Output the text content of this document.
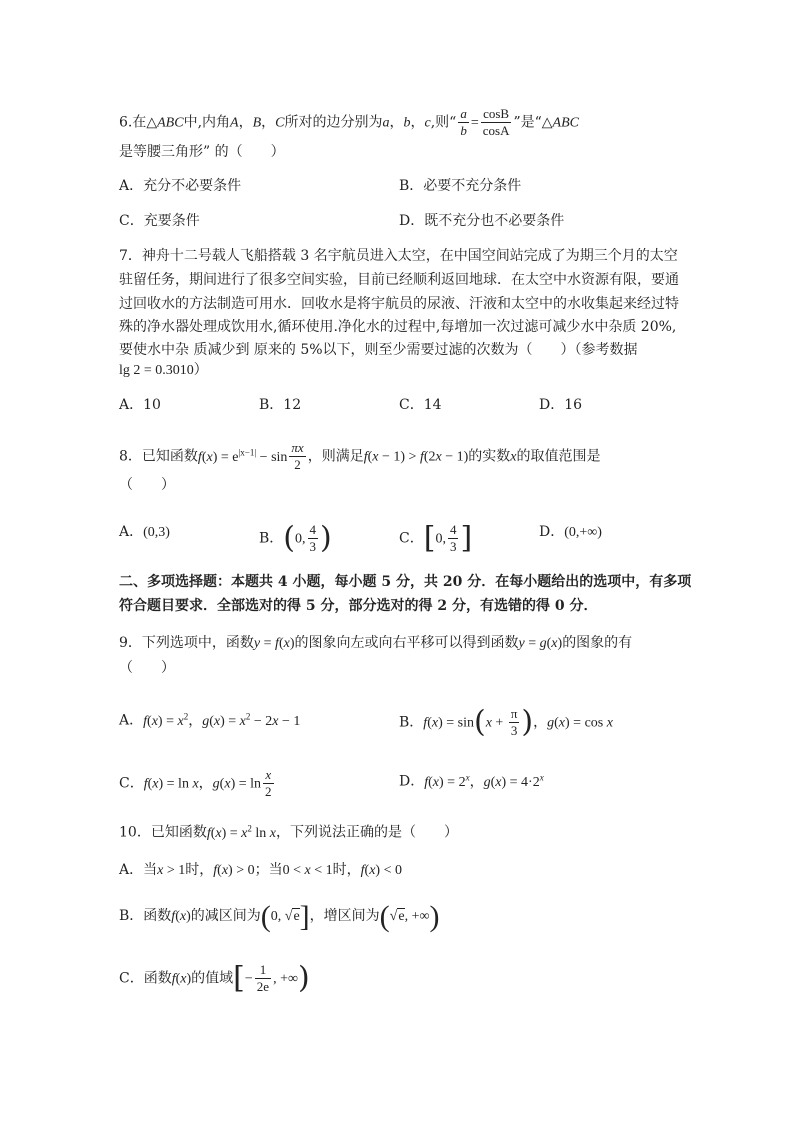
6.在△ABC中,内角A，B，C所对的边分别为a，b，c,则“ $\frac{a}{b} = \frac{\cos B}{\cos A}$ ”是“△ABC
是等腰三角形” 的（　　）
A．充分不必要条件	B．必要不充分条件
C．充要条件	D．既不充分也不必要条件
7．神舟十二号载人飞船搭载 3 名宇航员进入太空，在中国空间站完成了为期三个月的太空
驻留任务，期间进行了很多空间实验，目前已经顺利返回地球．在太空中水资源有限，要通
过回收水的方法制造可用水．回收水是将宇航员的尿液、汗液和太空中的水收集起来经过特
殊的净水器处理成饮用水,循环使用.净化水的过程中,每增加一次过滤可减少水中杂质 20%,
要使水中杂 质减少到 原来的 5%以下，则至少需要过滤的次数为（　　）（参考数据
lg 2 = 0.3010）
A．10	B．12	C．14	D．16
8．已知函数$f(x) = e^{|x-1|} - \sin \frac{\pi x}{2}$ ，则满足f(x − 1) > f(2x − 1)的实数x的取值范围是
（　　）
A．(0,3)	B．(0, $\frac{4}{3}$ )	C．[0, $\frac{4}{3}$ ]	D．(0,+∞)
二、多项选择题：本题共 4 小题，每小题 5 分，共 20 分．在每小题给出的选项中，有多项
符合题目要求．全部选对的得 5 分，部分选对的得 2 分，有选错的得 0 分．
9．下列选项中，函数y = f(x)的图象向左或向右平移可以得到函数y = g(x)的图象的有
（　　）
A．$f(x) = x^2$，$g(x) = x^2 - 2x - 1$	B．$f(x) = \sin(x + \frac{\pi}{3}$ )，g(x) = cos x
C．f(x) = ln x，$g(x) = \ln \frac{x}{2}$	D．$f(x) = 2^x$，$g(x) = 4\cdot 2^x$
10．已知函数$f(x) = x^2$ ln x，下列说法正确的是（　　）
A．当x > 1时，f(x) > 0；当0 < x < 1时，f(x) < 0
B．函数f(x)的减区间为(0, √e]，增区间为(√e, +∞)
C．函数f(x)的值域[− $\frac{1}{2e}$ , +∞)
